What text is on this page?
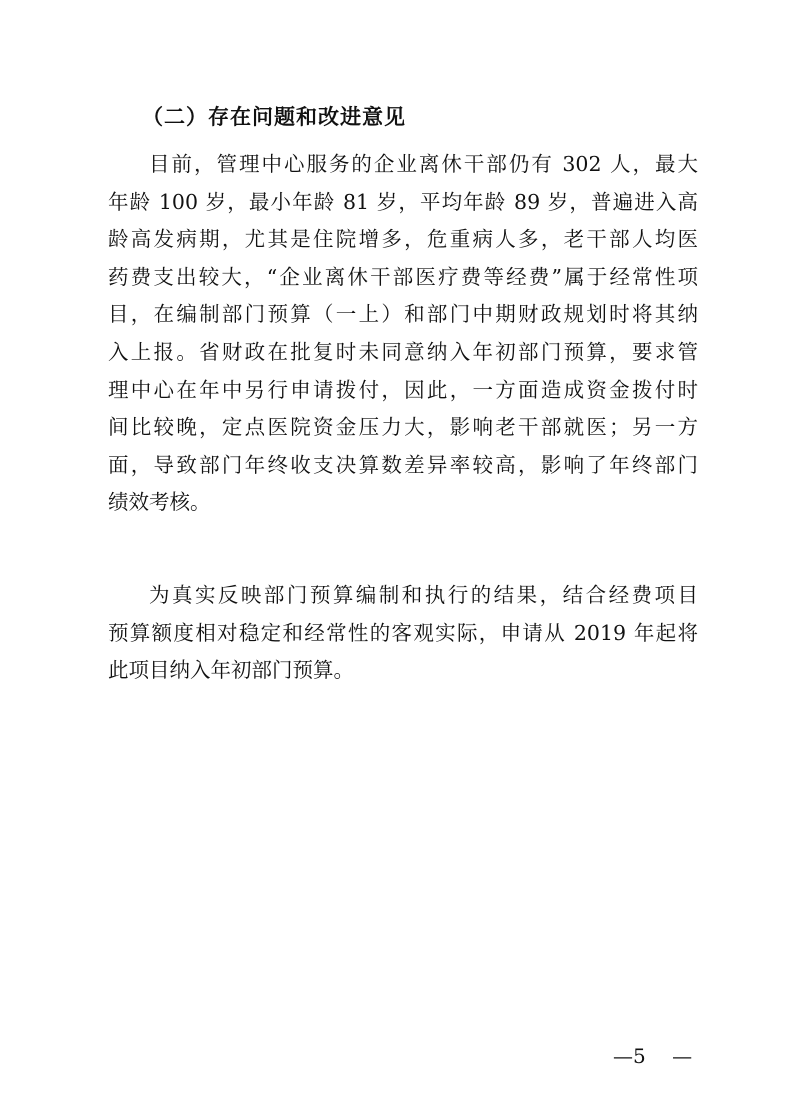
（二）存在问题和改进意见
目前，管理中心服务的企业离休干部仍有 302 人，最大
年龄 100 岁，最小年龄 81 岁，平均年龄 89 岁，普遍进入高
龄高发病期，尤其是住院增多，危重病人多，老干部人均医
药费支出较大，“企业离休干部医疗费等经费”属于经常性项
目，在编制部门预算（一上）和部门中期财政规划时将其纳
入上报。省财政在批复时未同意纳入年初部门预算，要求管
理中心在年中另行申请拨付，因此，一方面造成资金拨付时
间比较晚，定点医院资金压力大，影响老干部就医；另一方
面，导致部门年终收支决算数差异率较高，影响了年终部门
绩效考核。
为真实反映部门预算编制和执行的结果，结合经费项目
预算额度相对稳定和经常性的客观实际，申请从 2019 年起将
此项目纳入年初部门预算。
—5　 —
